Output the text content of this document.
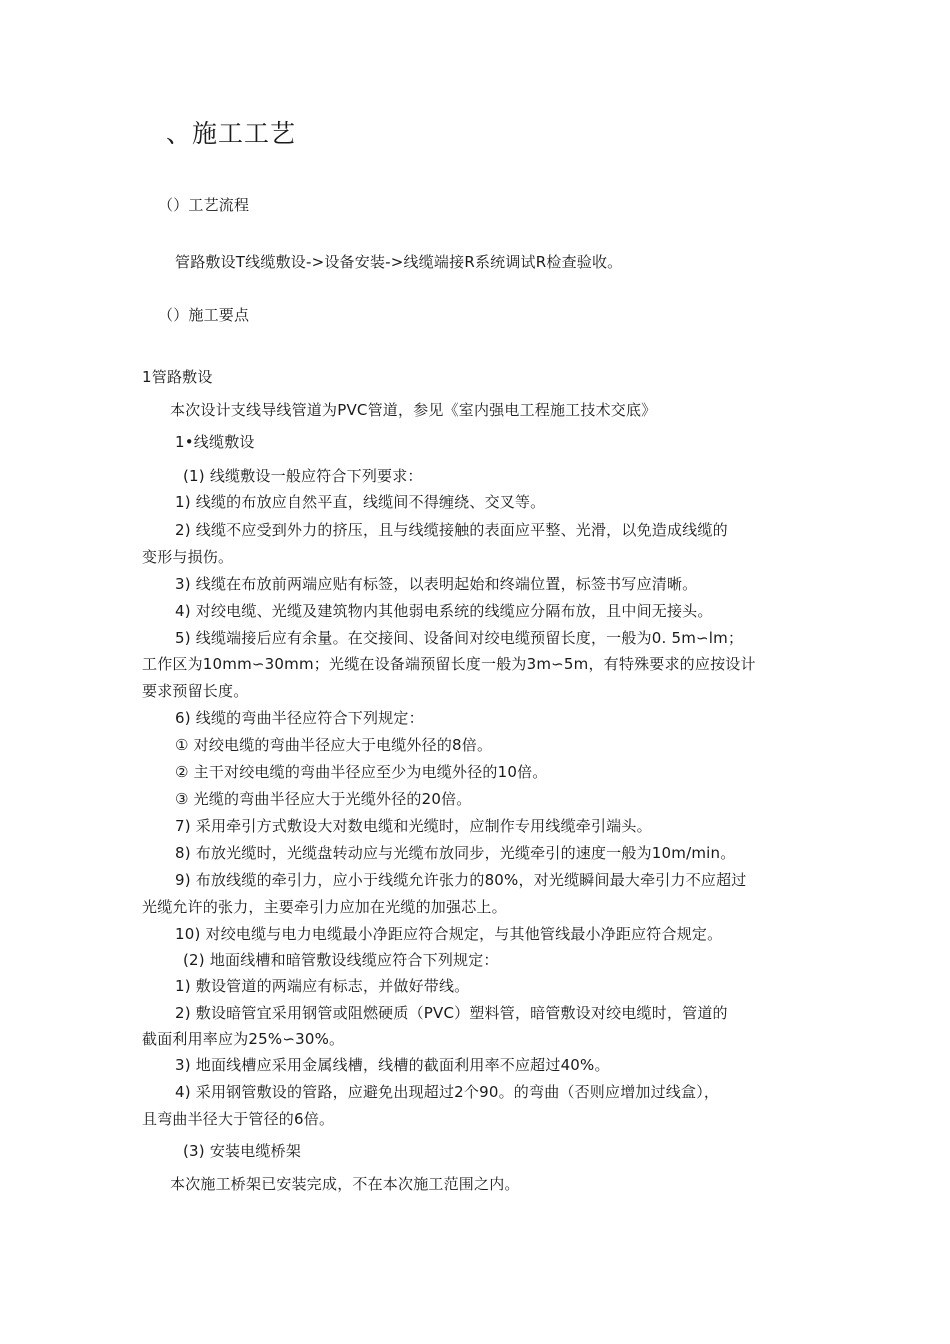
、施工工艺
（）工艺流程
管路敷设T线缆敷设->设备安装->线缆端接R系统调试R检查验收。
（）施工要点
1管路敷设
本次设计支线导线管道为PVC管道，参见《室内强电工程施工技术交底》
1•线缆敷设
(1) 线缆敷设一般应符合下列要求：
1) 线缆的布放应自然平直，线缆间不得缠绕、交叉等。
2) 线缆不应受到外力的挤压，且与线缆接触的表面应平整、光滑，以免造成线缆的
变形与损伤。
3) 线缆在布放前两端应贴有标签，以表明起始和终端位置，标签书写应清晰。
4) 对绞电缆、光缆及建筑物内其他弱电系统的线缆应分隔布放，且中间无接头。
5) 线缆端接后应有余量。在交接间、设备间对绞电缆预留长度，一般为0. 5m∽lm；
工作区为10mm∽30mm；光缆在设备端预留长度一般为3m∽5m，有特殊要求的应按设计
要求预留长度。
6) 线缆的弯曲半径应符合下列规定：
① 对绞电缆的弯曲半径应大于电缆外径的8倍。
② 主干对绞电缆的弯曲半径应至少为电缆外径的10倍。
③ 光缆的弯曲半径应大于光缆外径的20倍。
7) 采用牵引方式敷设大对数电缆和光缆时，应制作专用线缆牵引端头。
8) 布放光缆时，光缆盘转动应与光缆布放同步，光缆牵引的速度一般为10m/min。
9) 布放线缆的牵引力，应小于线缆允许张力的80%，对光缆瞬间最大牵引力不应超过
光缆允许的张力，主要牵引力应加在光缆的加强芯上。
10) 对绞电缆与电力电缆最小净距应符合规定，与其他管线最小净距应符合规定。
(2) 地面线槽和暗管敷设线缆应符合下列规定：
1) 敷设管道的两端应有标志，并做好带线。
2) 敷设暗管宜采用钢管或阻燃硬质（PVC）塑料管，暗管敷设对绞电缆时，管道的
截面利用率应为25%∽30%。
3) 地面线槽应采用金属线槽，线槽的截面利用率不应超过40%。
4) 采用钢管敷设的管路，应避免出现超过2个90。的弯曲（否则应增加过线盒），
且弯曲半径大于管径的6倍。
(3) 安装电缆桥架
本次施工桥架已安装完成，不在本次施工范围之内。
